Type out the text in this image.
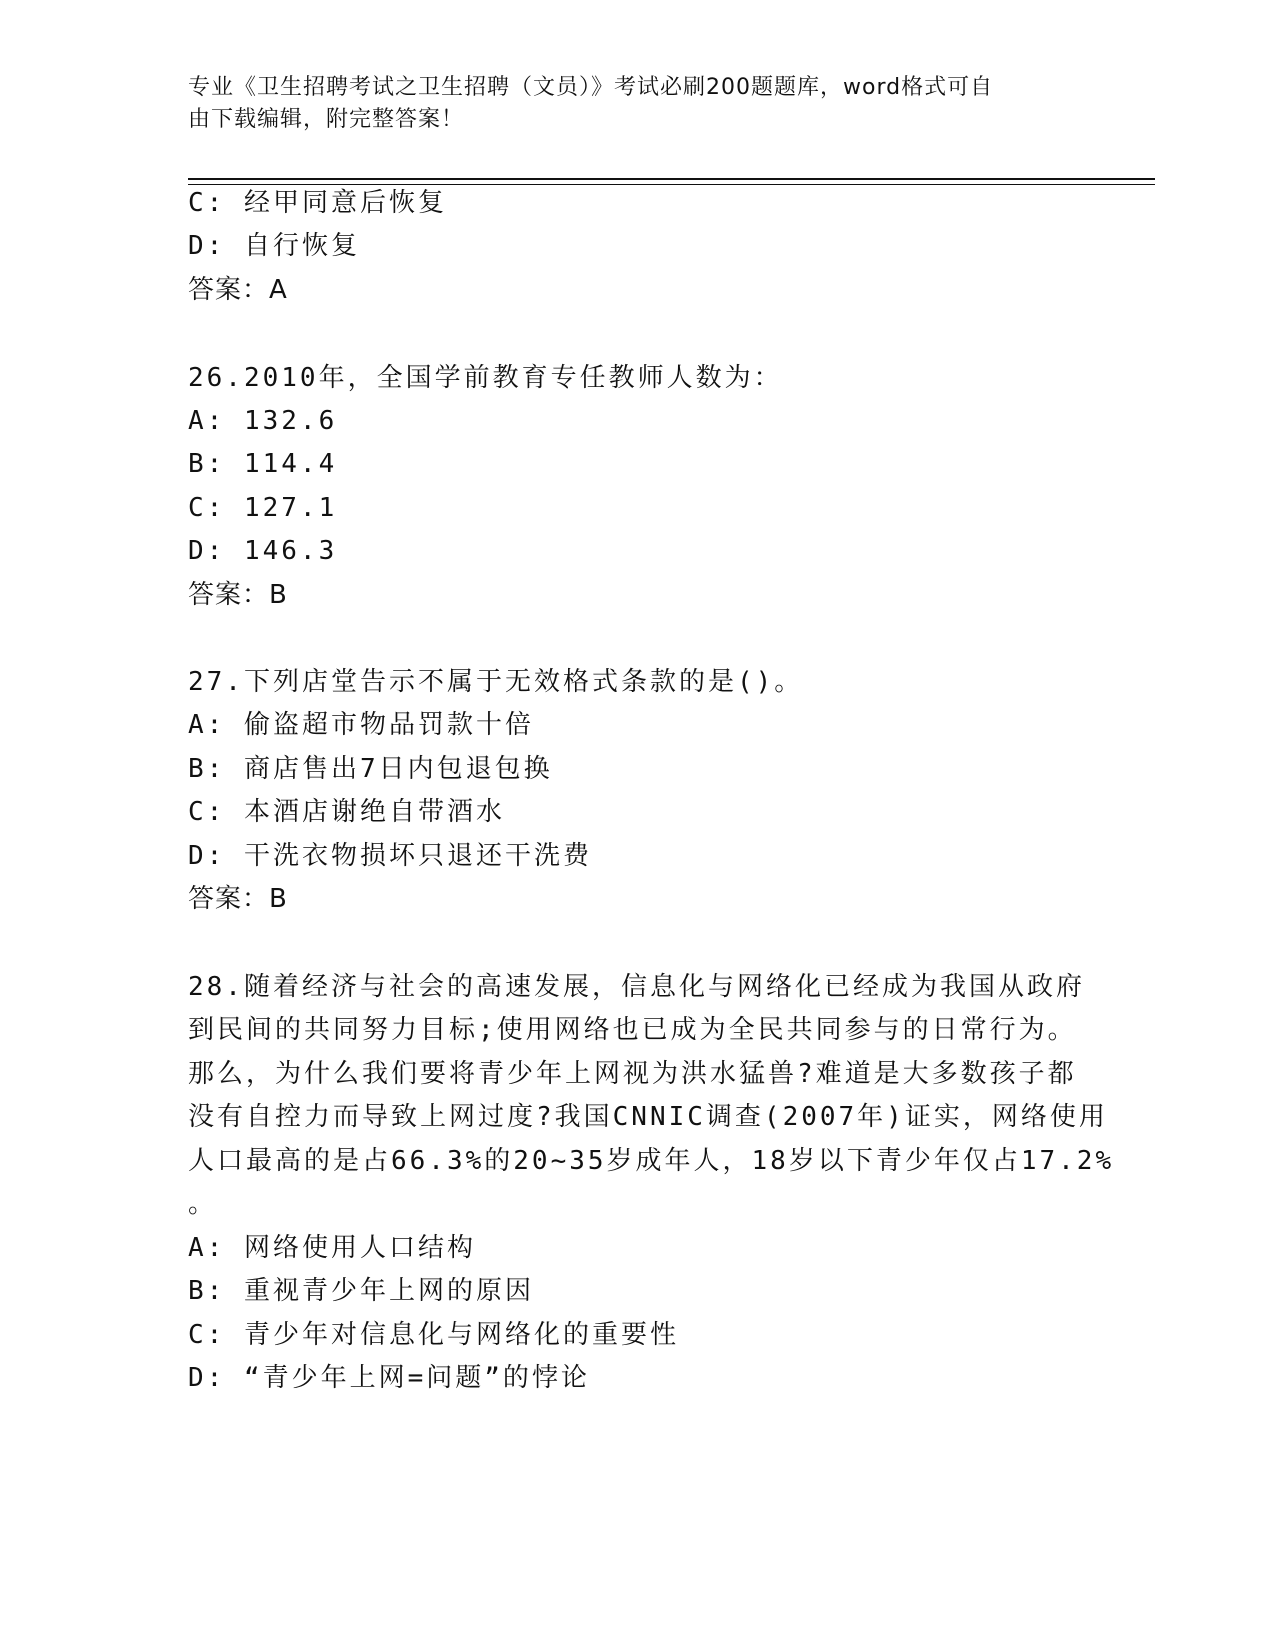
专业《卫生招聘考试之卫生招聘（文员）》考试必刷200题题库，word格式可自
由下载编辑，附完整答案！
C: 经甲同意后恢复
D: 自行恢复
答案：A
26.2010年，全国学前教育专任教师人数为：
A: 132.6
B: 114.4
C: 127.1
D: 146.3
答案：B
27.下列店堂告示不属于无效格式条款的是()。
A: 偷盗超市物品罚款十倍
B: 商店售出7日内包退包换
C: 本酒店谢绝自带酒水
D: 干洗衣物损坏只退还干洗费
答案：B
28.随着经济与社会的高速发展，信息化与网络化已经成为我国从政府
到民间的共同努力目标;使用网络也已成为全民共同参与的日常行为。
那么，为什么我们要将青少年上网视为洪水猛兽?难道是大多数孩子都
没有自控力而导致上网过度?我国CNNIC调查(2007年)证实，网络使用
人口最高的是占66.3%的20~35岁成年人，18岁以下青少年仅占17.2%
。
A: 网络使用人口结构
B: 重视青少年上网的原因
C: 青少年对信息化与网络化的重要性
D: “青少年上网=问题”的悖论
